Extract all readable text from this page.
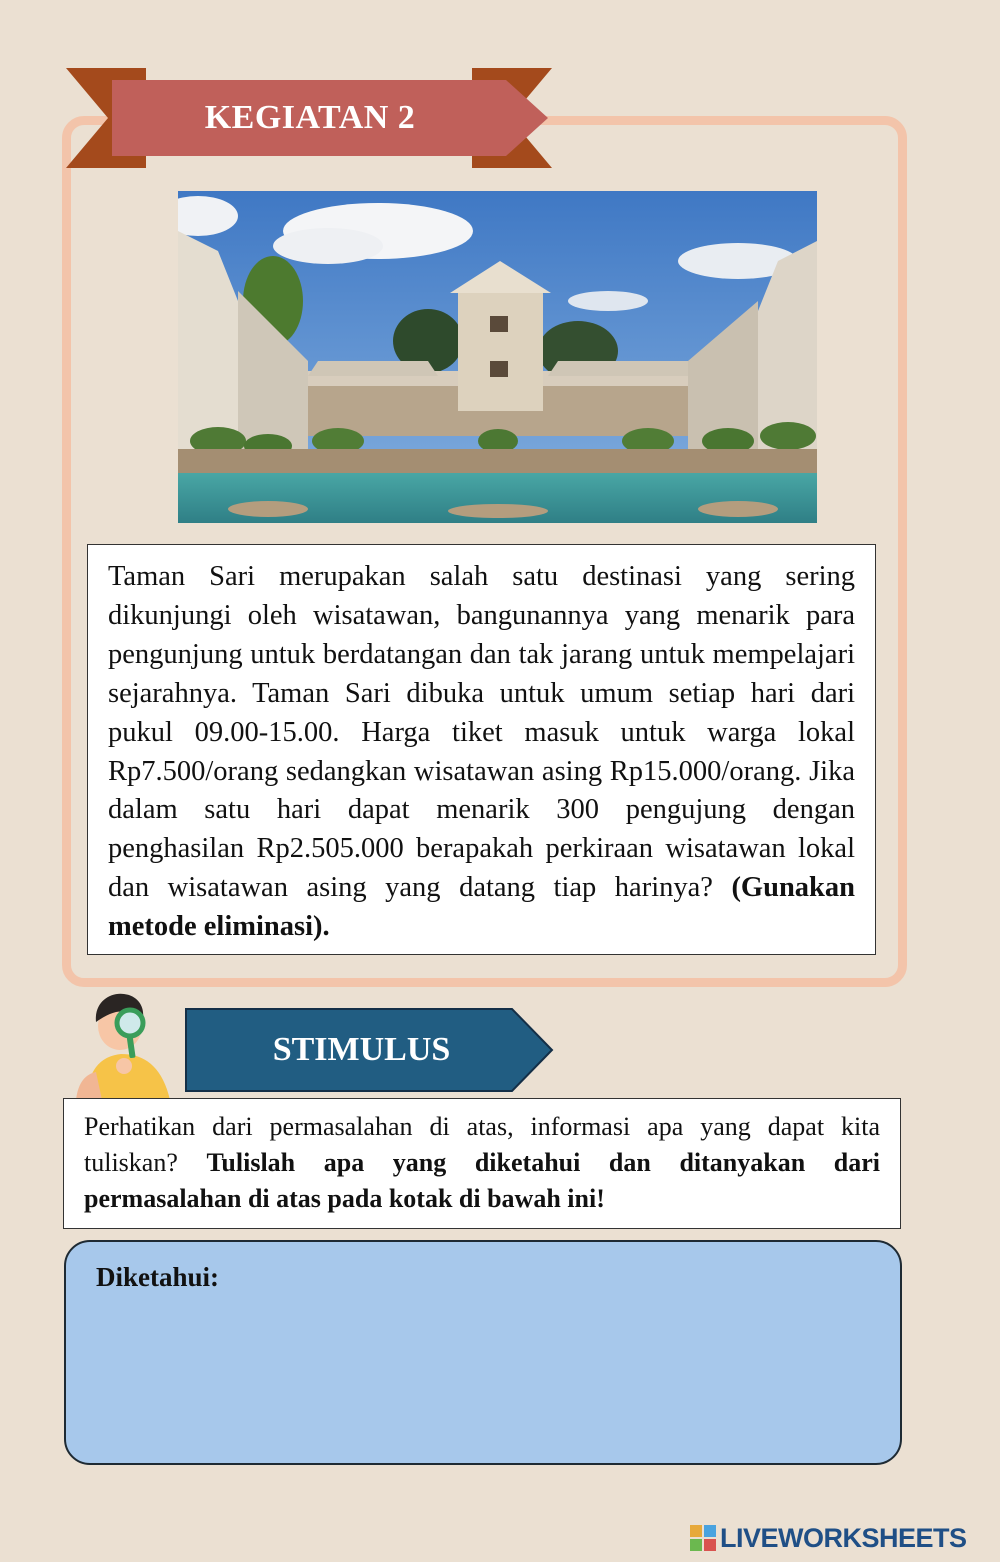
KEGIATAN 2
Taman Sari merupakan salah satu destinasi yang sering dikunjungi oleh wisatawan, bangunannya yang menarik para pengunjung untuk berdatangan dan tak jarang untuk mempelajari sejarahnya. Taman Sari dibuka untuk umum setiap hari dari pukul 09.00-15.00. Harga tiket masuk untuk warga lokal Rp7.500/orang sedangkan wisatawan asing Rp15.000/orang. Jika dalam satu hari dapat menarik 300 pengujung dengan penghasilan Rp2.505.000 berapakah perkiraan wisatawan lokal dan wisatawan asing yang datang tiap harinya? (Gunakan metode eliminasi).
STIMULUS
Perhatikan dari permasalahan di atas, informasi apa yang dapat kita tuliskan? Tulislah apa yang diketahui dan ditanyakan dari permasalahan di atas pada kotak di bawah ini!
Diketahui:
LIVEWORKSHEETS
